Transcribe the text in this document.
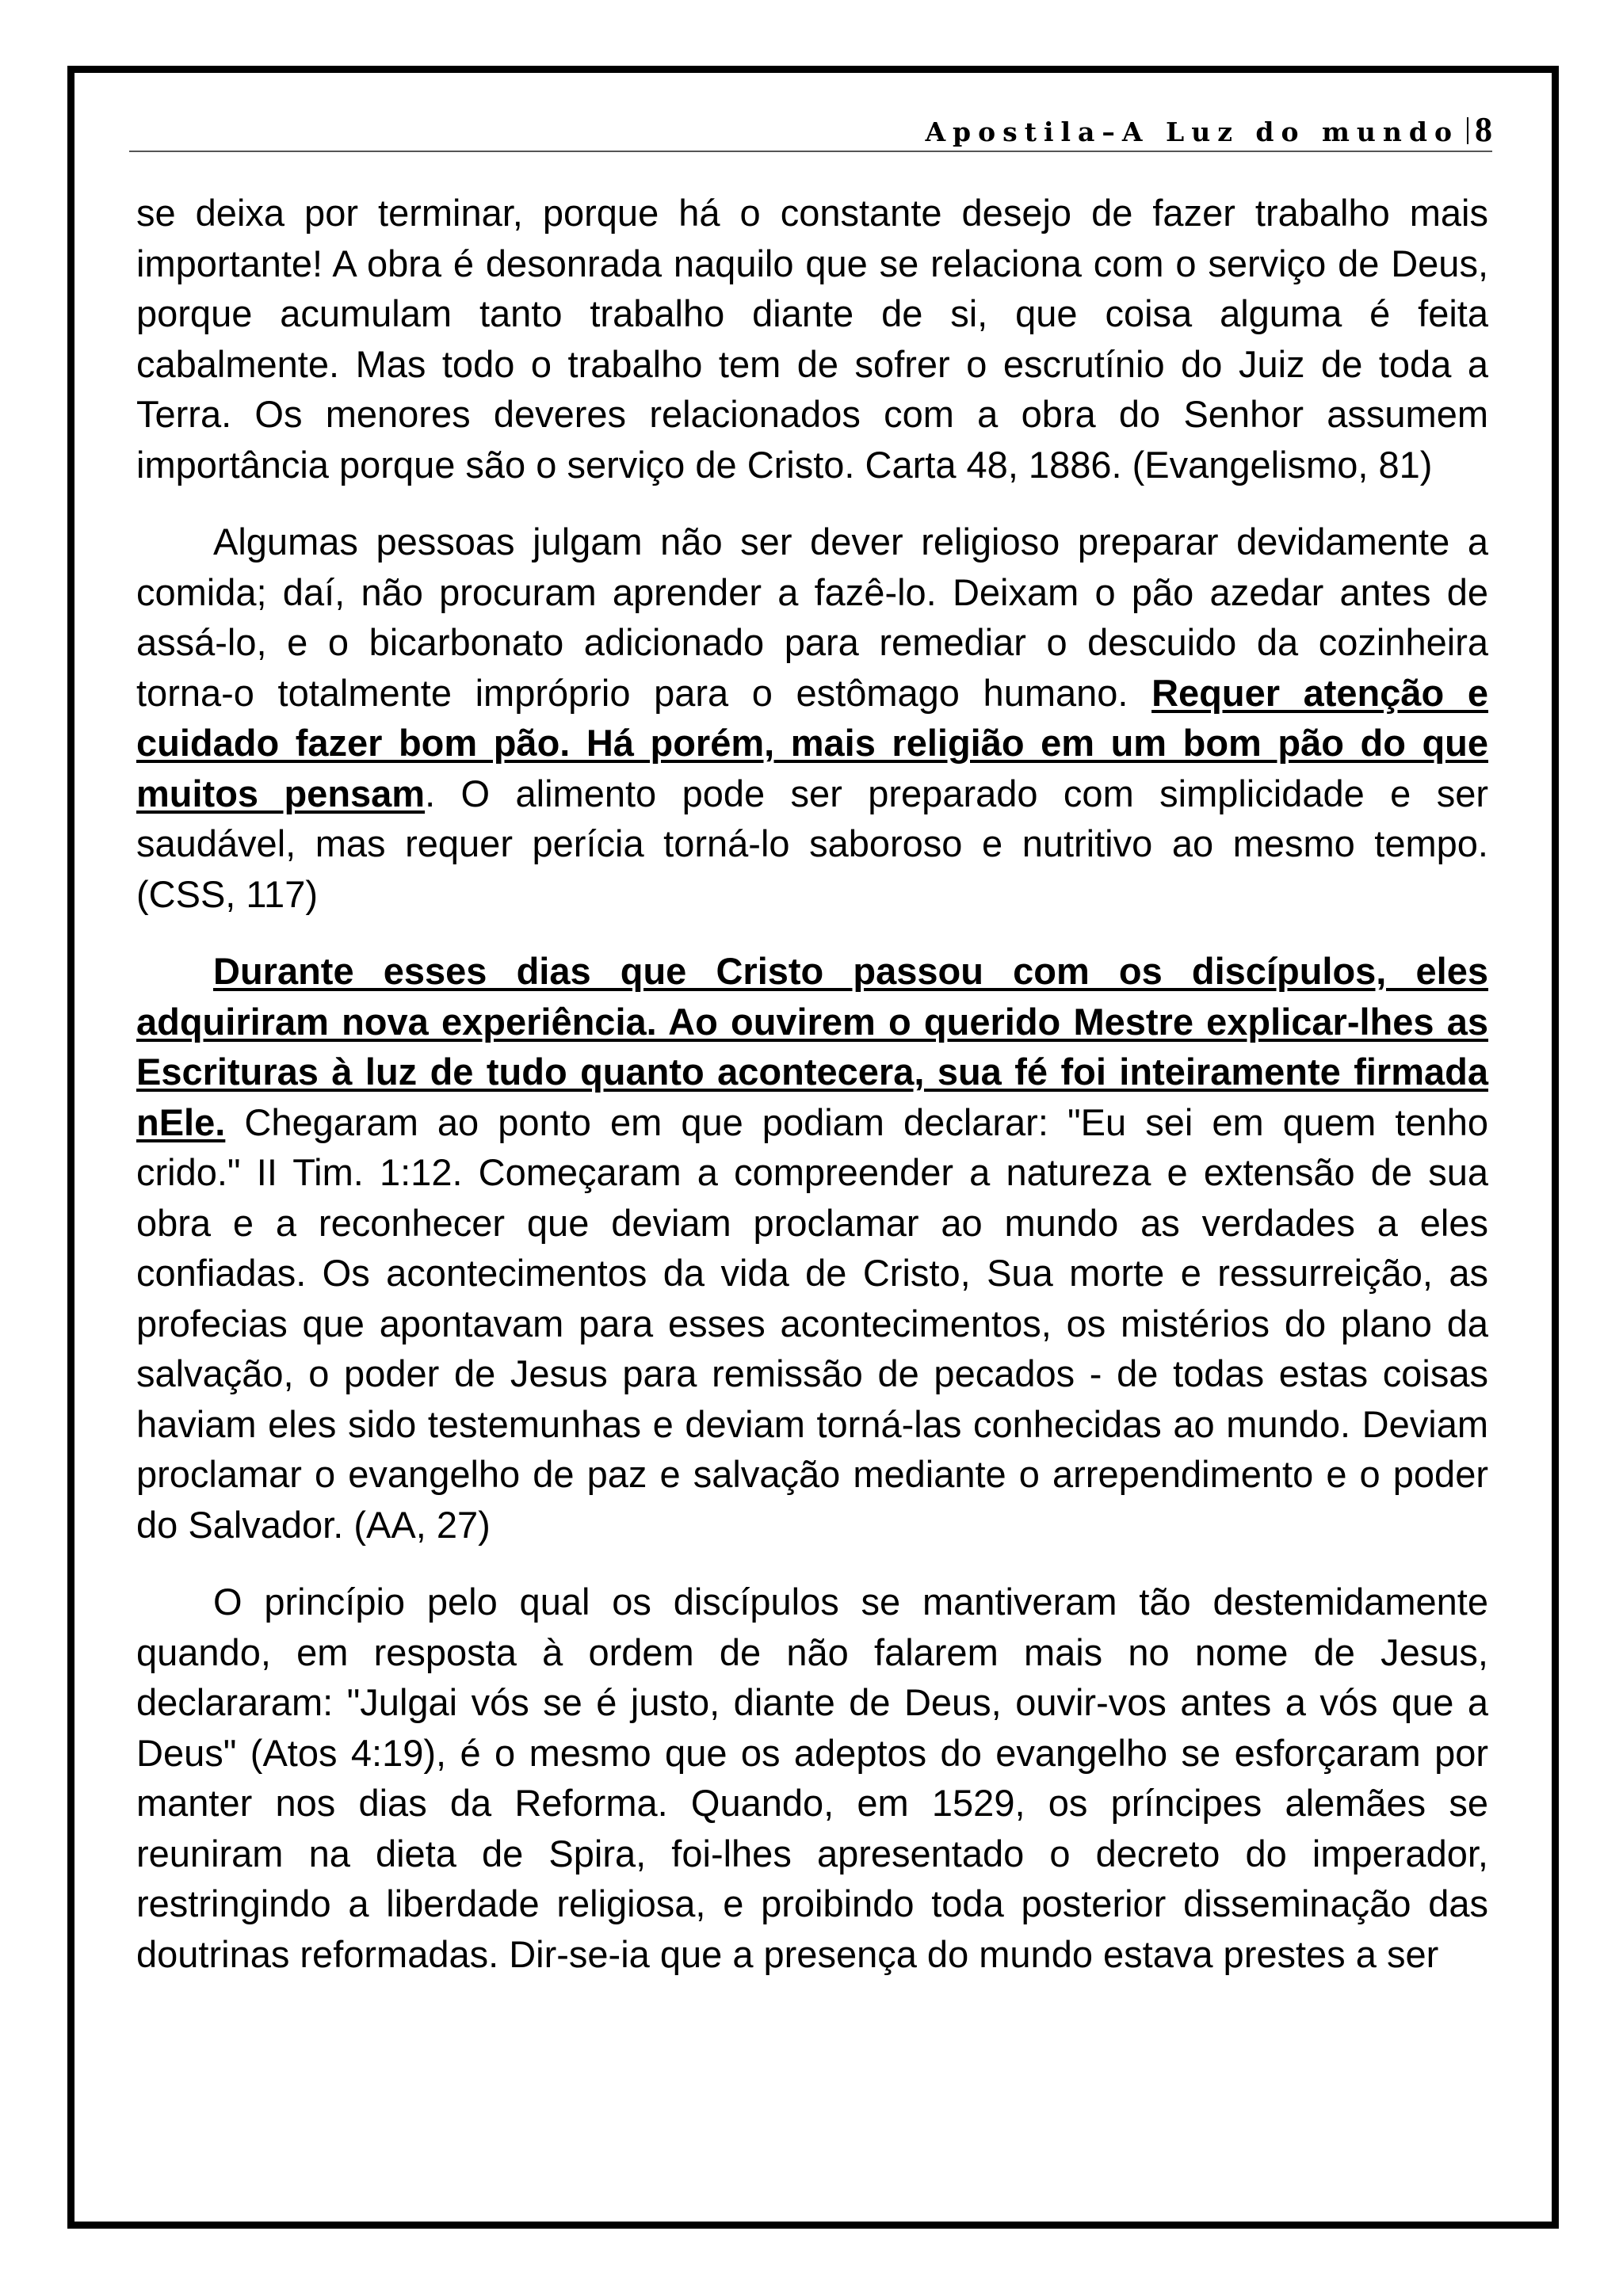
Apostila–A Luz do mundo 8

se deixa por terminar, porque há o constante desejo de fazer trabalho mais importante! A obra é desonrada naquilo que se relaciona com o serviço de Deus, porque acumulam tanto trabalho diante de si, que coisa alguma é feita cabalmente. Mas todo o trabalho tem de sofrer o escrutínio do Juiz de toda a Terra. Os menores deveres relacionados com a obra do Senhor assumem importância porque são o serviço de Cristo. Carta 48, 1886. (Evangelismo, 81)

Algumas pessoas julgam não ser dever religioso preparar devidamente a comida; daí, não procuram aprender a fazê-lo. Deixam o pão azedar antes de assá-lo, e o bicarbonato adicionado para remediar o descuido da cozinheira torna-o totalmente impróprio para o estômago humano. Requer atenção e cuidado fazer bom pão. Há porém, mais religião em um bom pão do que muitos pensam. O alimento pode ser preparado com simplicidade e ser saudável, mas requer perícia torná-lo saboroso e nutritivo ao mesmo tempo. (CSS, 117)

Durante esses dias que Cristo passou com os discípulos, eles adquiriram nova experiência. Ao ouvirem o querido Mestre explicar-lhes as Escrituras à luz de tudo quanto acontecera, sua fé foi inteiramente firmada nEle. Chegaram ao ponto em que podiam declarar: "Eu sei em quem tenho crido." II Tim. 1:12. Começaram a compreender a natureza e extensão de sua obra e a reconhecer que deviam proclamar ao mundo as verdades a eles confiadas. Os acontecimentos da vida de Cristo, Sua morte e ressurreição, as profecias que apontavam para esses acontecimentos, os mistérios do plano da salvação, o poder de Jesus para remissão de pecados - de todas estas coisas haviam eles sido testemunhas e deviam torná-las conhecidas ao mundo. Deviam proclamar o evangelho de paz e salvação mediante o arrependimento e o poder do Salvador. (AA, 27)

O princípio pelo qual os discípulos se mantiveram tão destemidamente quando, em resposta à ordem de não falarem mais no nome de Jesus, declararam: "Julgai vós se é justo, diante de Deus, ouvir-vos antes a vós que a Deus" (Atos 4:19), é o mesmo que os adeptos do evangelho se esforçaram por manter nos dias da Reforma. Quando, em 1529, os príncipes alemães se reuniram na dieta de Spira, foi-lhes apresentado o decreto do imperador, restringindo a liberdade religiosa, e proibindo toda posterior disseminação das doutrinas reformadas. Dir-se-ia que a presença do mundo estava prestes a ser
